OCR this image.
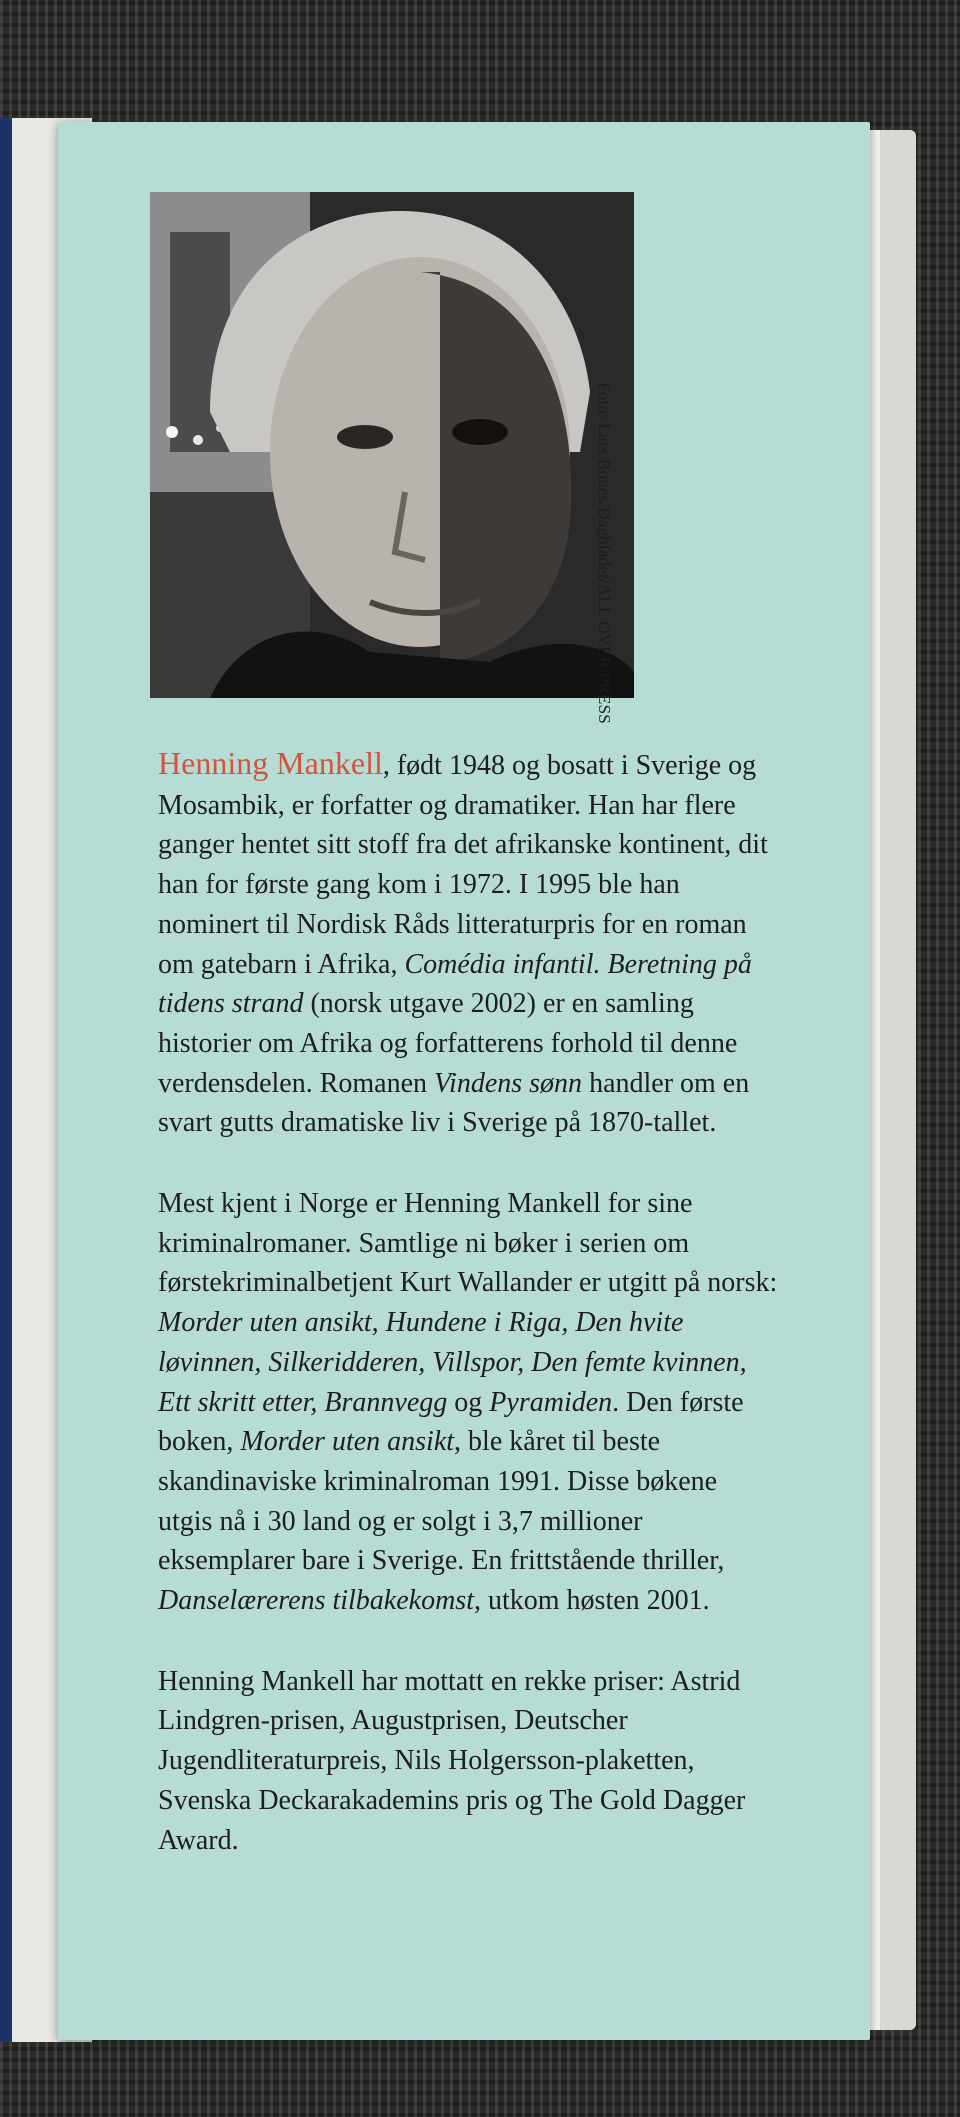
Foto: Lars Bones/Dagbladet/ALL OVER PRESS

Henning Mankell, født 1948 og bosatt i Sverige og Mosambik, er forfatter og dramatiker. Han har flere ganger hentet sitt stoff fra det afrikanske kontinent, dit han for første gang kom i 1972. I 1995 ble han nominert til Nordisk Råds litteraturpris for en roman om gatebarn i Afrika, Comédia infantil. Beretning på tidens strand (norsk utgave 2002) er en samling historier om Afrika og forfatterens forhold til denne verdensdelen. Romanen Vindens sønn handler om en svart gutts dramatiske liv i Sverige på 1870-tallet.

Mest kjent i Norge er Henning Mankell for sine kriminalromaner. Samtlige ni bøker i serien om førstekriminalbetjent Kurt Wallander er utgitt på norsk: Morder uten ansikt, Hundene i Riga, Den hvite løvinnen, Silkeridderen, Villspor, Den femte kvinnen, Ett skritt etter, Brannvegg og Pyramiden. Den første boken, Morder uten ansikt, ble kåret til beste skandinaviske kriminalroman 1991. Disse bøkene utgis nå i 30 land og er solgt i 3,7 millioner eksemplarer bare i Sverige. En frittstående thriller, Danselærerens tilbakekomst, utkom høsten 2001.

Henning Mankell har mottatt en rekke priser: Astrid Lindgren-prisen, Augustprisen, Deutscher Jugendliteraturpreis, Nils Holgersson-plaketten, Svenska Deckarakademins pris og The Gold Dagger Award.
